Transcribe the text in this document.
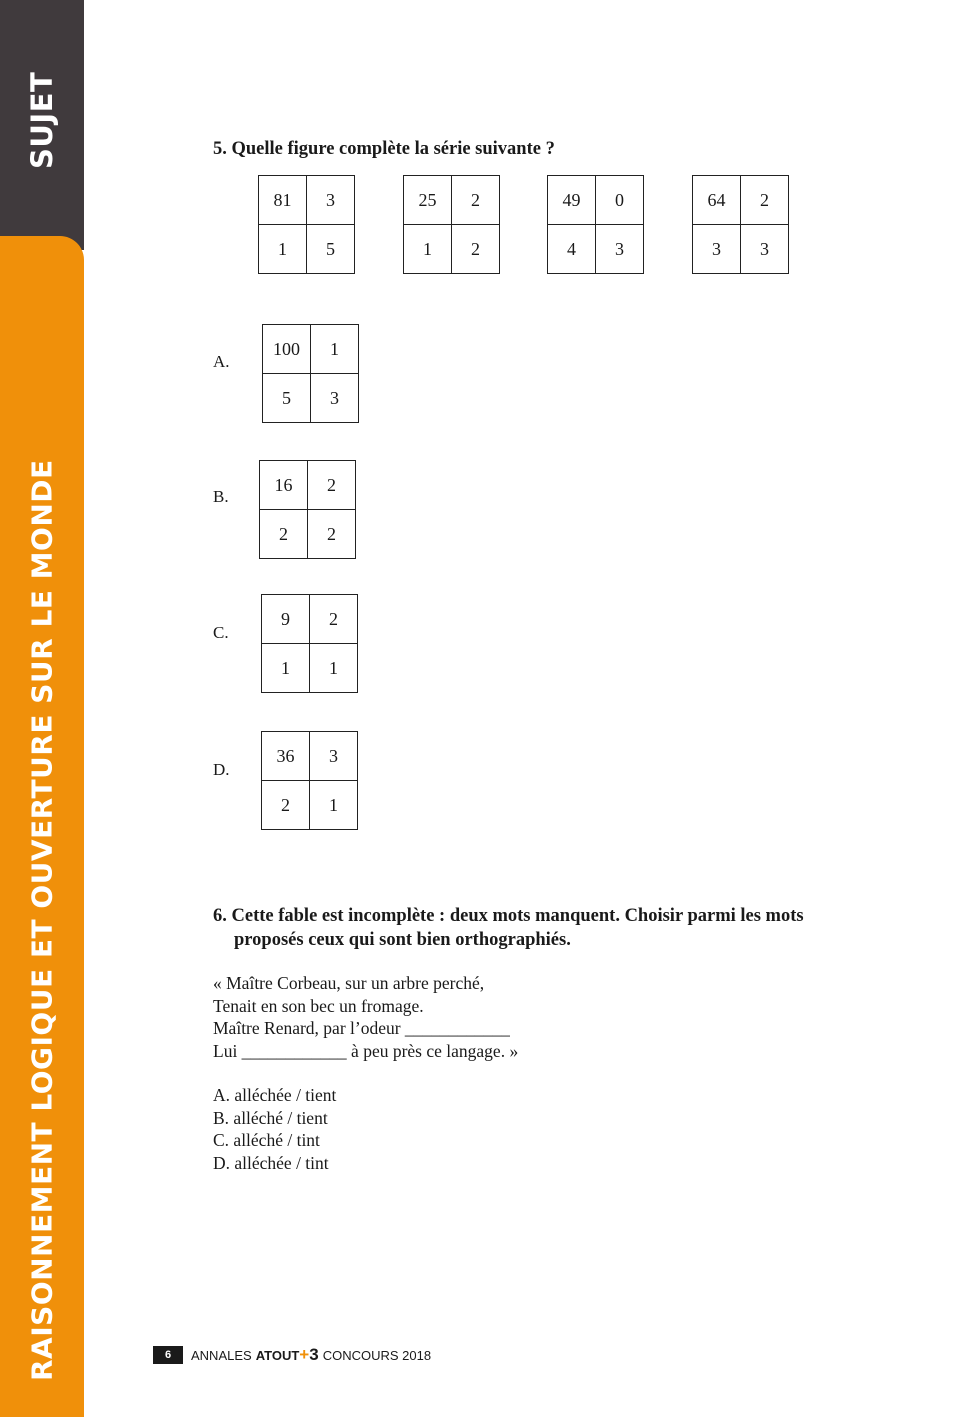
SUJET
RAISONNEMENT LOGIQUE ET OUVERTURE SUR LE MONDE
5. Quelle figure complète la série suivante ?
81	3
1	5
25	2
1	2
49	0
4	3
64	2
3	3
A.
100	1
5	3
B.
16	2
2	2
C.
9	2
1	1
D.
36	3
2	1
6. Cette fable est incomplète : deux mots manquent. Choisir parmi les mots
proposés ceux qui sont bien orthographiés.
« Maître Corbeau, sur un arbre perché,
Tenait en son bec un fromage.
Maître Renard, par l’odeur ____________
Lui ____________ à peu près ce langage. »
A. alléchée / tient
B. alléché / tient
C. alléché / tint
D. alléchée / tint
6	ANNALES ATOUT+3 CONCOURS 2018
